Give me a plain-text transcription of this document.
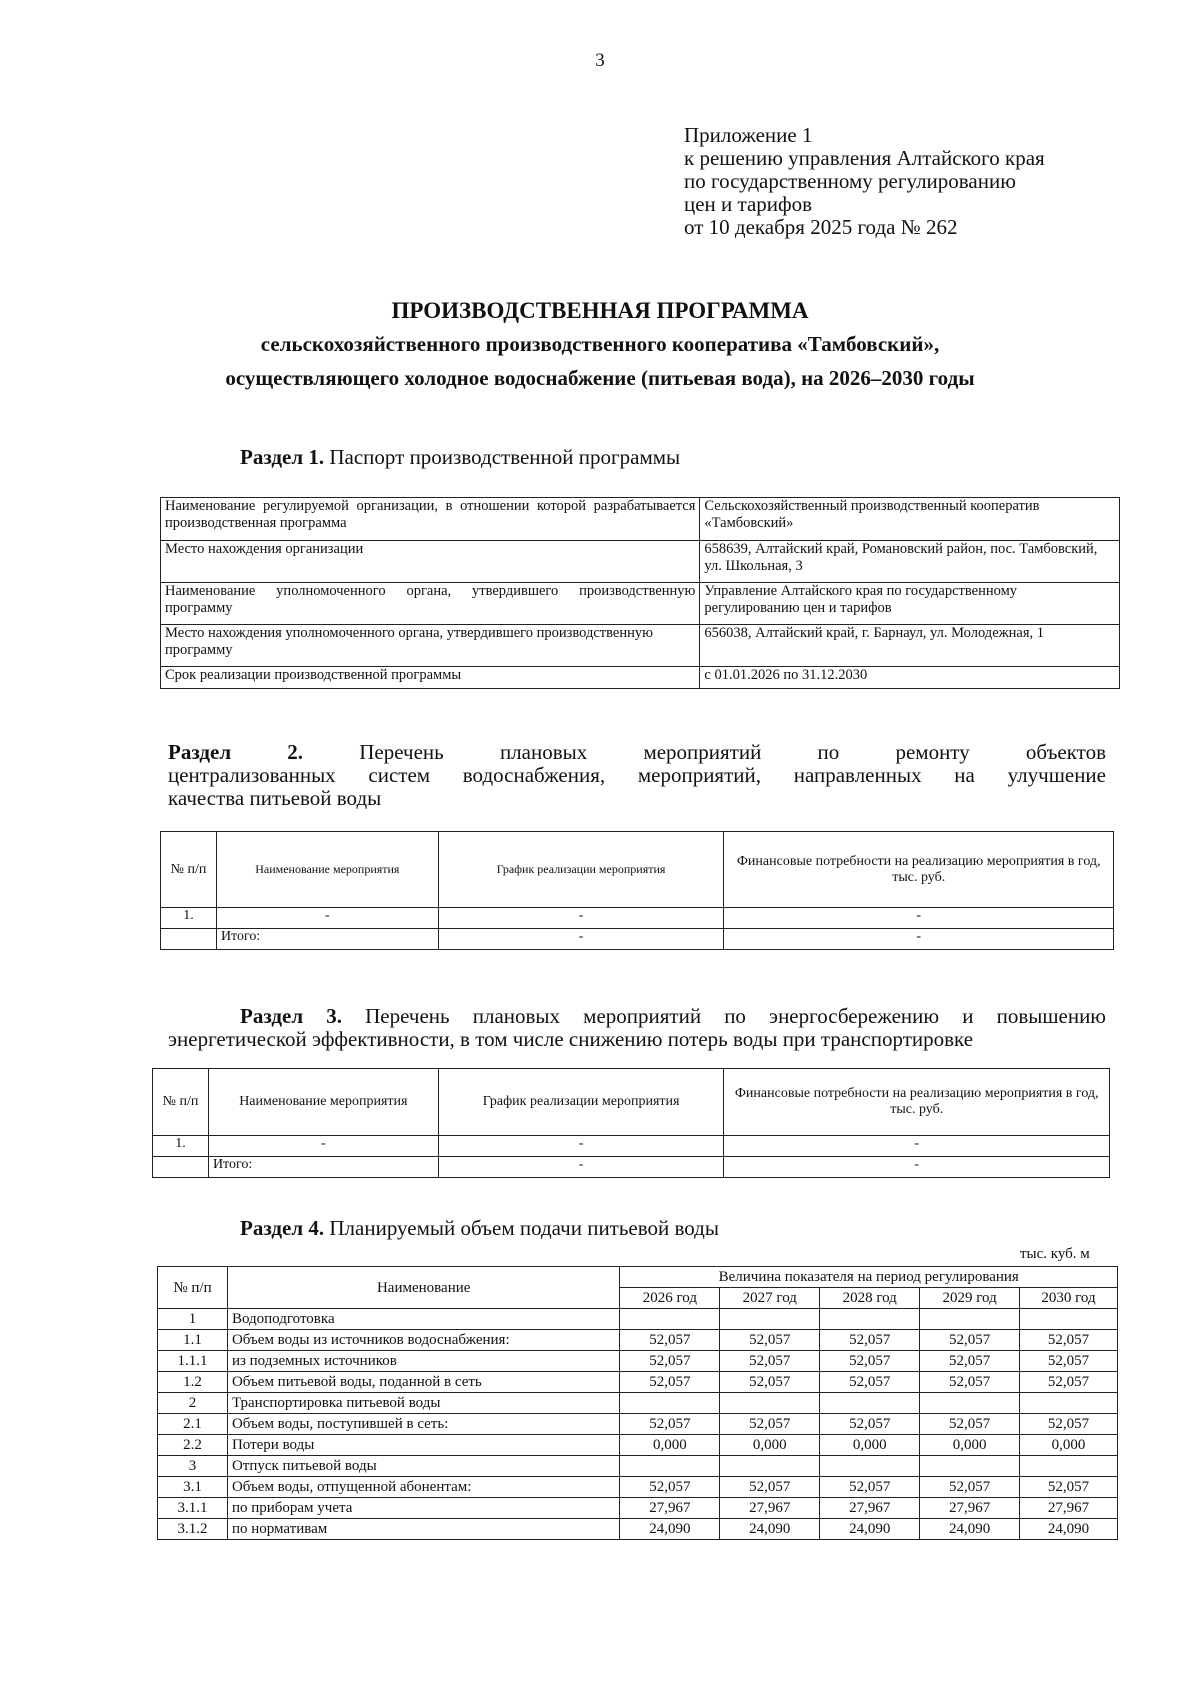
3
Приложение 1
к решению управления Алтайского края
по государственному регулированию
цен и тарифов
от 10 декабря 2025 года № 262
ПРОИЗВОДСТВЕННАЯ ПРОГРАММА
сельскохозяйственного производственного кооператива «Тамбовский»,
осуществляющего холодное водоснабжение (питьевая вода), на 2026–2030 годы
Раздел 1. Паспорт производственной программы
Наименование регулируемой организации, в отношении которой разрабатывается производственная программа	Сельскохозяйственный производственный кооператив «Тамбовский»
Место нахождения организации	658639, Алтайский край, Романовский район, пос. Тамбовский, ул. Школьная, 3
Наименование уполномоченного органа, утвердившего производственную программу	Управление Алтайского края по государственному регулированию цен и тарифов
Место нахождения уполномоченного органа, утвердившего производственную программу	656038, Алтайский край, г. Барнаул, ул. Молодежная, 1
Срок реализации производственной программы	с 01.01.2026 по 31.12.2030
Раздел 2.	Перечень плановых мероприятий по ремонту объектов
централизованных систем водоснабжения, мероприятий, направленных на улучшение
качества питьевой воды
№ п/п	Наименование мероприятия	График реализации мероприятия	Финансовые потребности на реализацию мероприятия в год, тыс. руб.
1.	-	-	-
	Итого:	-	-
Раздел 3. Перечень плановых мероприятий по энергосбережению и повышению
энергетической эффективности, в том числе снижению потерь воды при транспортировке
№ п/п	Наименование мероприятия	График реализации мероприятия	Финансовые потребности на реализацию мероприятия в год, тыс. руб.
1.	-	-	-
	Итого:	-	-
Раздел 4. Планируемый объем подачи питьевой воды
тыс. куб. м
№ п/п	Наименование	Величина показателя на период регулирования				
		2026 год	2027 год	2028 год	2029 год	2030 год
1	Водоподготовка					
1.1	Объем воды из источников водоснабжения:	52,057	52,057	52,057	52,057	52,057
1.1.1	из подземных источников	52,057	52,057	52,057	52,057	52,057
1.2	Объем питьевой воды, поданной в сеть	52,057	52,057	52,057	52,057	52,057
2	Транспортировка питьевой воды					
2.1	Объем воды, поступившей в сеть:	52,057	52,057	52,057	52,057	52,057
2.2	Потери воды	0,000	0,000	0,000	0,000	0,000
3	Отпуск питьевой воды					
3.1	Объем воды, отпущенной абонентам:	52,057	52,057	52,057	52,057	52,057
3.1.1	по приборам учета	27,967	27,967	27,967	27,967	27,967
3.1.2	по нормативам	24,090	24,090	24,090	24,090	24,090
